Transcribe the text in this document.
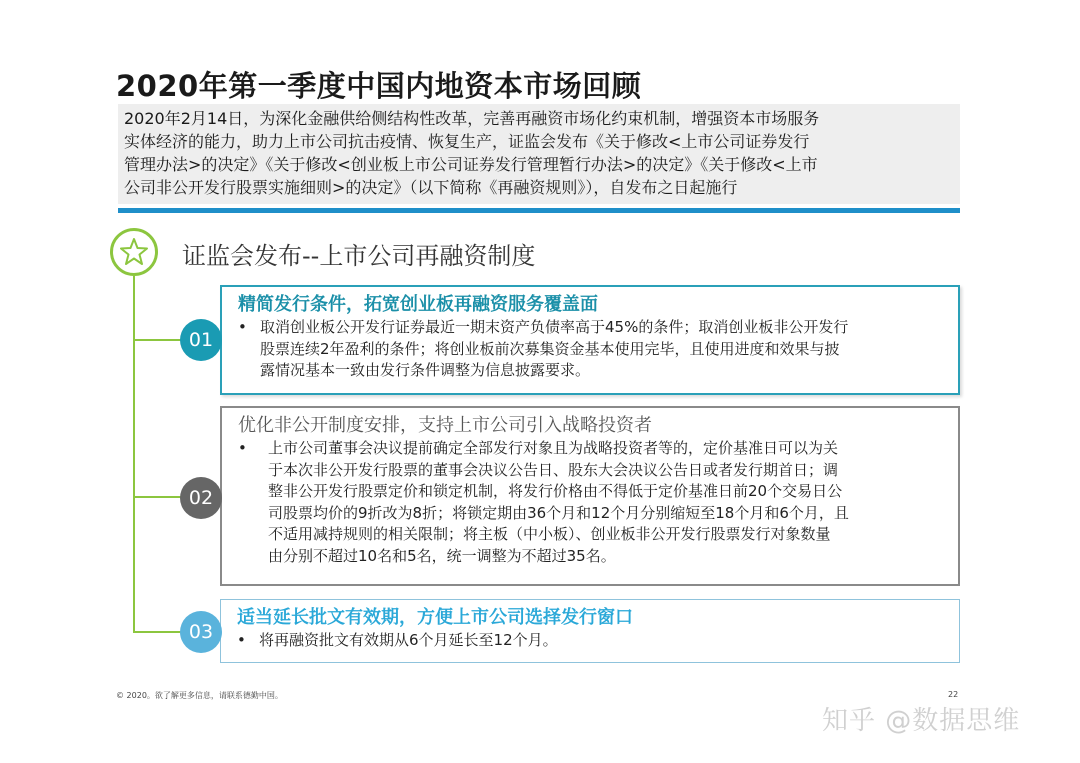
2020年第一季度中国内地资本市场回顾
2020年2月14日，为深化金融供给侧结构性改革，完善再融资市场化约束机制，增强资本市场服务
实体经济的能力，助力上市公司抗击疫情、恢复生产，证监会发布《关于修改<上市公司证券发行
管理办法>的决定》《关于修改<创业板上市公司证券发行管理暂行办法>的决定》《关于修改<上市
公司非公开发行股票实施细则>的决定》（以下简称《再融资规则》），自发布之日起施行
证监会发布--上市公司再融资制度
精简发行条件，拓宽创业板再融资服务覆盖面
• 取消创业板公开发行证券最近一期末资产负债率高于45%的条件；取消创业板非公开发行
股票连续2年盈利的条件；将创业板前次募集资金基本使用完毕，且使用进度和效果与披
露情况基本一致由发行条件调整为信息披露要求。
优化非公开制度安排，支持上市公司引入战略投资者
•	上市公司董事会决议提前确定全部发行对象且为战略投资者等的，定价基准日可以为关
于本次非公开发行股票的董事会决议公告日、股东大会决议公告日或者发行期首日；调
整非公开发行股票定价和锁定机制，将发行价格由不得低于定价基准日前20个交易日公
司股票均价的9折改为8折；将锁定期由36个月和12个月分别缩短至18个月和6个月，且
不适用减持规则的相关限制；将主板（中小板）、创业板非公开发行股票发行对象数量
由分别不超过10名和5名，统一调整为不超过35名。
适当延长批文有效期，方便上市公司选择发行窗口
• 将再融资批文有效期从6个月延长至12个月。
01
02
03
© 2020。欲了解更多信息，请联系德勤中国。	22
知乎 @数据思维
